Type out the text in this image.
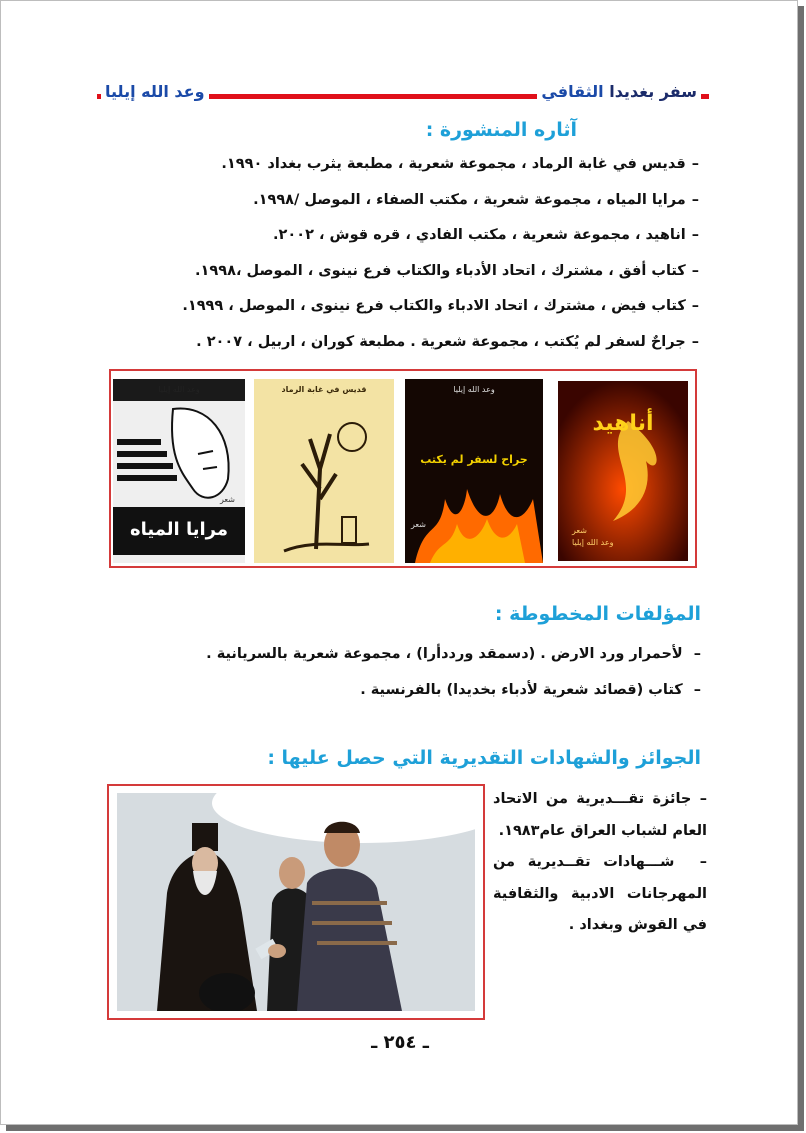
سفر بغديدا الثقافي
وعد الله إيليا
آثاره المنشورة :
–قديس في غابة الرماد ، مجموعة شعرية ، مطبعة يثرب بغداد ١٩٩٠.
–مرايا المياه ، مجموعة شعرية ، مكتب الصفاء ، الموصل /١٩٩٨.
–اناهيد ، مجموعة شعرية ، مكتب الفادي ، قره قوش ، ٢٠٠٢.
–كتاب أفق ، مشترك ، اتحاد الأدباء والكتاب فرع نينوى ، الموصل ،١٩٩٨.
–كتاب فيض ، مشترك ، اتحاد الادباء والكتاب فرع نينوى ، الموصل ، ١٩٩٩.
–جراحٌ لسفر لم يُكتب ، مجموعة شعرية . مطبعة كوران ، اربيل ، ٢٠٠٧ .
أناهيد
شعر
وعد الله إيليا
وعد الله إيليا
جراح لسفر لم يكتب
شعر
قديس في غابة الرماد
وعد الله إيليا
شعر
مرايا المياه
المؤلفات المخطوطة :
– لأحمرار ورد الارض . (دسمقد ورددأرا) ، مجموعة شعرية بالسريانية .
– كتاب (قصائد شعرية لأدباء بخديدا) بالفرنسية .
الجوائز والشهادات التقديرية التي حصل عليها :

– جائزة تقـــديرية من الاتحاد العام لشباب العراق عام١٩٨٣.

–  شـــهادات تقــديرية من المهرجانات الادبية والثقافية في القوش وبغداد .

ـ ٢٥٤ ـ
